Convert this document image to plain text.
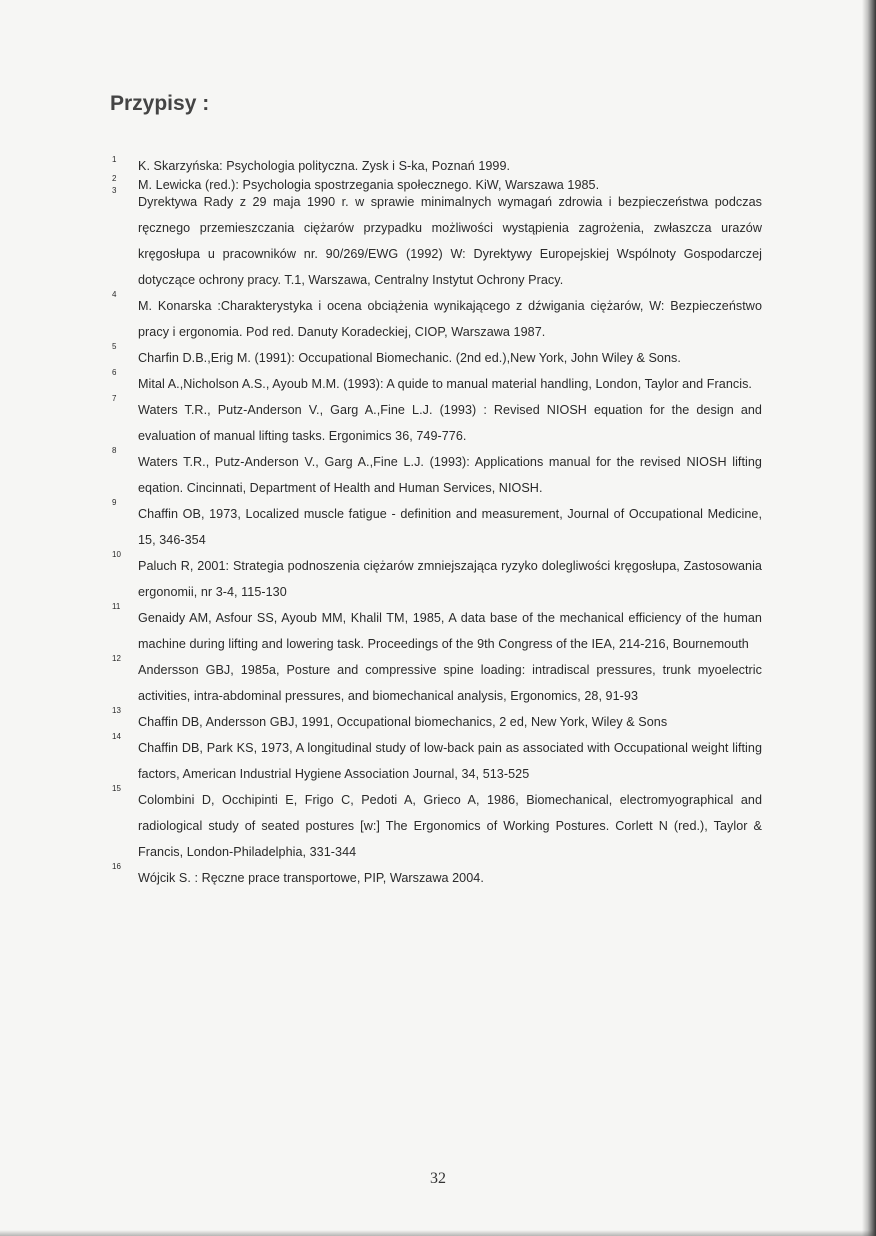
Przypisy :
1 K. Skarzyńska: Psychologia polityczna. Zysk i S-ka, Poznań 1999.
2 M. Lewicka (red.): Psychologia spostrzegania społecznego. KiW, Warszawa 1985.
3
Dyrektywa Rady z 29 maja 1990 r. w sprawie minimalnych wymagań zdrowia i bezpieczeństwa podczas ręcznego przemieszczania ciężarów przypadku możliwości wystąpienia zagrożenia, zwłaszcza urazów kręgosłupa u pracowników nr. 90/269/EWG (1992) W: Dyrektywy Europejskiej Wspólnoty Gospodarczej dotyczące ochrony pracy. T.1, Warszawa, Centralny Instytut Ochrony Pracy.
4
M. Konarska :Charakterystyka i ocena obciążenia wynikającego z dźwigania ciężarów, W: Bezpieczeństwo pracy i ergonomia. Pod red. Danuty Koradeckiej, CIOP, Warszawa 1987.
5
Charfin D.B.,Erig M. (1991): Occupational Biomechanic. (2nd ed.),New York, John Wiley & Sons.
6
Mital A.,Nicholson A.S., Ayoub M.M. (1993): A quide to manual material handling, London, Taylor and Francis.
7
Waters T.R., Putz-Anderson V., Garg A.,Fine L.J. (1993) : Revised NIOSH equation for the design and evaluation of manual lifting tasks. Ergonimics 36, 749-776.
8
Waters T.R., Putz-Anderson V., Garg A.,Fine L.J. (1993): Applications manual for the revised NIOSH lifting eqation. Cincinnati, Department of Health and Human Services, NIOSH.
9
Chaffin OB, 1973, Localized muscle fatigue - definition and measurement, Journal of Occupational Medicine, 15, 346-354
10
Paluch R, 2001: Strategia podnoszenia ciężarów zmniejszająca ryzyko dolegliwości kręgosłupa, Zastosowania ergonomii, nr 3-4, 115-130
11
Genaidy AM, Asfour SS, Ayoub MM, Khalil TM, 1985, A data base of the mechanical efficiency of the human machine during lifting and lowering task. Proceedings of the 9th Congress of the IEA, 214-216, Bournemouth
12
Andersson GBJ, 1985a, Posture and compressive spine loading: intradiscal pressures, trunk myoelectric activities, intra-abdominal pressures, and biomechanical analysis, Ergonomics, 28, 91-93
13
Chaffin DB, Andersson GBJ, 1991, Occupational biomechanics, 2 ed, New York, Wiley & Sons
14
Chaffin DB, Park KS, 1973, A longitudinal study of low-back pain as associated with Occupational weight lifting factors, American Industrial Hygiene Association Journal, 34, 513-525
15
Colombini D, Occhipinti E, Frigo C, Pedoti A, Grieco A, 1986, Biomechanical, electromyographical and radiological study of seated postures [w:] The Ergonomics of Working Postures. Corlett N (red.), Taylor & Francis, London-Philadelphia, 331-344
16
Wójcik S. : Ręczne prace transportowe, PIP, Warszawa 2004.
32
